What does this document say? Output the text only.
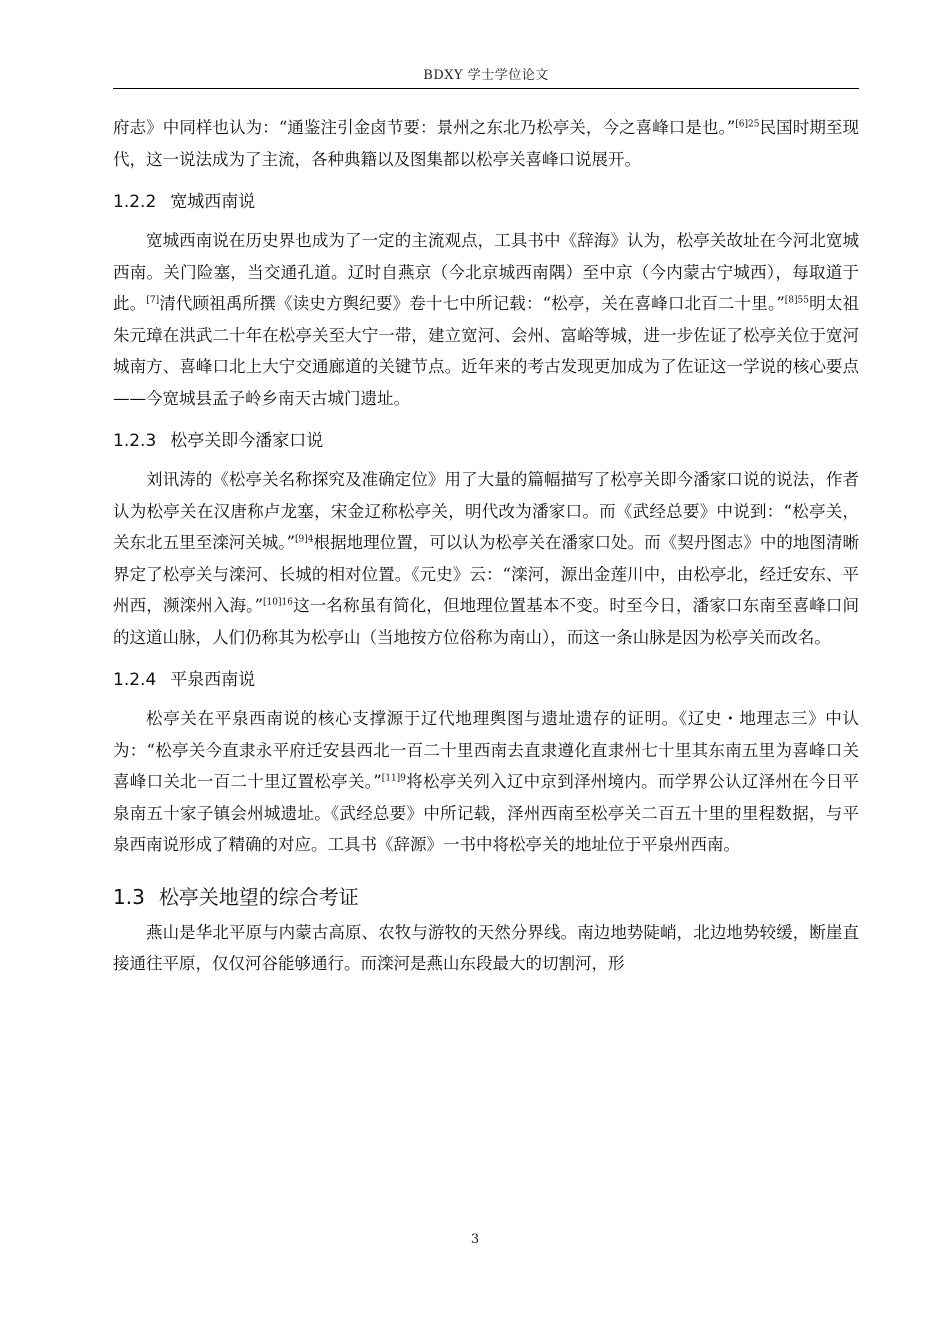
BDXY 学士学位论文

府志》中同样也认为：“通鉴注引金卤节要：景州之东北乃松亭关，今之喜峰口是也。”$^{[6]25}$民国时期至现代，这一说法成为了主流，各种典籍以及图集都以松亭关喜峰口说展开。

1.2.2 宽城西南说

宽城西南说在历史界也成为了一定的主流观点，工具书中《辞海》认为，松亭关故址在今河北宽城西南。关门险塞，当交通孔道。辽时自燕京（今北京城西南隅）至中京（今内蒙古宁城西），每取道于此。[7]清代顾祖禹所撰《读史方舆纪要》卷十七中所记载：“松亭，关在喜峰口北百二十里。”$^{[8]55}$明太祖朱元璋在洪武二十年在松亭关至大宁一带，建立宽河、会州、富峪等城，进一步佐证了松亭关位于宽河城南方、喜峰口北上大宁交通廊道的关键节点。近年来的考古发现更加成为了佐证这一学说的核心要点——今宽城县孟子岭乡南天古城门遗址。

1.2.3 松亭关即今潘家口说

刘讯涛的《松亭关名称探究及准确定位》用了大量的篇幅描写了松亭关即今潘家口说的说法，作者认为松亭关在汉唐称卢龙塞，宋金辽称松亭关，明代改为潘家口。而《武经总要》中说到：“松亭关，关东北五里至滦河关城。”$^{[9]4}$根据地理位置，可以认为松亭关在潘家口处。而《契丹图志》中的地图清晰界定了松亭关与滦河、长城的相对位置。《元史》云：“滦河，源出金莲川中，由松亭北，经迁安东、平州西，濒滦州入海。”$^{[10]16}$这一名称虽有简化，但地理位置基本不变。时至今日，潘家口东南至喜峰口间的这道山脉，人们仍称其为松亭山（当地按方位俗称为南山），而这一条山脉是因为松亭关而改名。

1.2.4 平泉西南说

松亭关在平泉西南说的核心支撑源于辽代地理舆图与遗址遗存的证明。《辽史・地理志三》中认为：“松亭关今直隶永平府迁安县西北一百二十里西南去直隶遵化直隶州七十里其东南五里为喜峰口关喜峰口关北一百二十里辽置松亭关。”$^{[11]9}$将松亭关列入辽中京到泽州境内。而学界公认辽泽州在今日平泉南五十家子镇会州城遗址。《武经总要》中所记载，泽州西南至松亭关二百五十里的里程数据，与平泉西南说形成了精确的对应。工具书《辞源》一书中将松亭关的地址位于平泉州西南。

1.3 松亭关地望的综合考证

燕山是华北平原与内蒙古高原、农牧与游牧的天然分界线。南边地势陡峭，北边地势较缓，断崖直接通往平原，仅仅河谷能够通行。而滦河是燕山东段最大的切割河，形

3
